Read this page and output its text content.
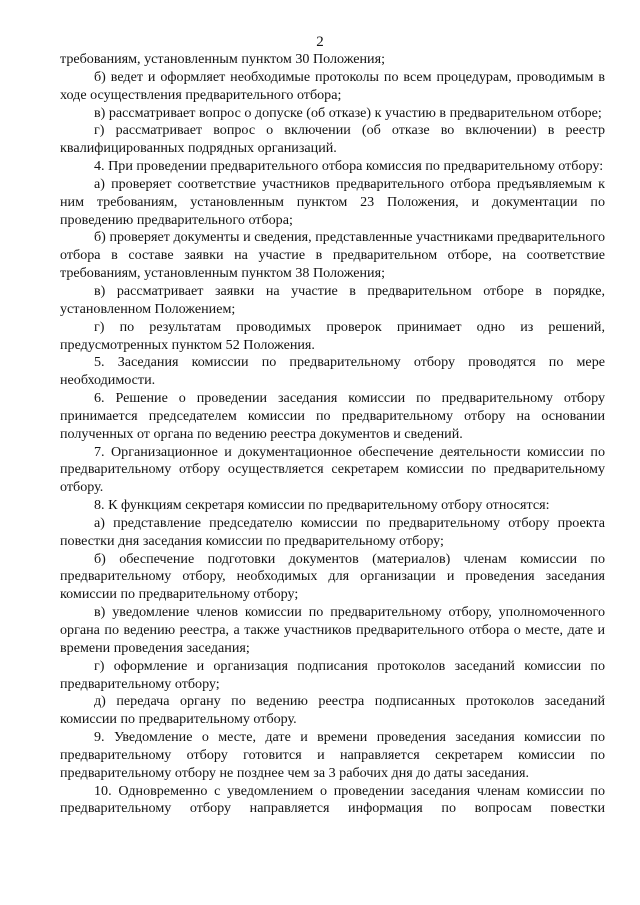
2

требованиям, установленным пунктом 30 Положения;

б) ведет и оформляет необходимые протоколы по всем процедурам, проводимым в ходе осуществления предварительного отбора;

в) рассматривает вопрос о допуске (об отказе) к участию в предварительном отборе;

г) рассматривает вопрос о включении (об отказе во включении) в реестр квалифицированных подрядных организаций.

4. При проведении предварительного отбора комиссия по предварительному отбору:

а) проверяет соответствие участников предварительного отбора предъявляемым к ним требованиям, установленным пунктом 23 Положения, и документации по проведению предварительного отбора;

б) проверяет документы и сведения, представленные участниками предварительного отбора в составе заявки на участие в предварительном отборе, на соответствие требованиям, установленным пунктом 38 Положения;

в) рассматривает заявки на участие в предварительном отборе в порядке, установленном Положением;

г) по результатам проводимых проверок принимает одно из решений, предусмотренных пунктом 52 Положения.

5. Заседания комиссии по предварительному отбору проводятся по мере необходимости.

6. Решение о проведении заседания комиссии по предварительному отбору принимается председателем комиссии по предварительному отбору на основании полученных от органа по ведению реестра документов и сведений.

7. Организационное и документационное обеспечение деятельности комиссии по предварительному отбору осуществляется секретарем комиссии по предварительному отбору.

8. К функциям секретаря комиссии по предварительному отбору относятся:

а) представление председателю комиссии по предварительному отбору проекта повестки дня заседания комиссии по предварительному отбору;

б) обеспечение подготовки документов (материалов) членам комиссии по предварительному отбору, необходимых для организации и проведения заседания комиссии по предварительному отбору;

в) уведомление членов комиссии по предварительному отбору, уполномоченного органа по ведению реестра, а также участников предварительного отбора о месте, дате и времени проведения заседания;

г) оформление и организация подписания протоколов заседаний комиссии по предварительному отбору;

д) передача органу по ведению реестра подписанных протоколов заседаний комиссии по предварительному отбору.

9. Уведомление о месте, дате и времени проведения заседания комиссии по предварительному отбору готовится и направляется секретарем комиссии по предварительному отбору не позднее чем за 3 рабочих дня до даты заседания.

10. Одновременно с уведомлением о проведении заседания членам комиссии по предварительному отбору направляется информация по вопросам повестки
